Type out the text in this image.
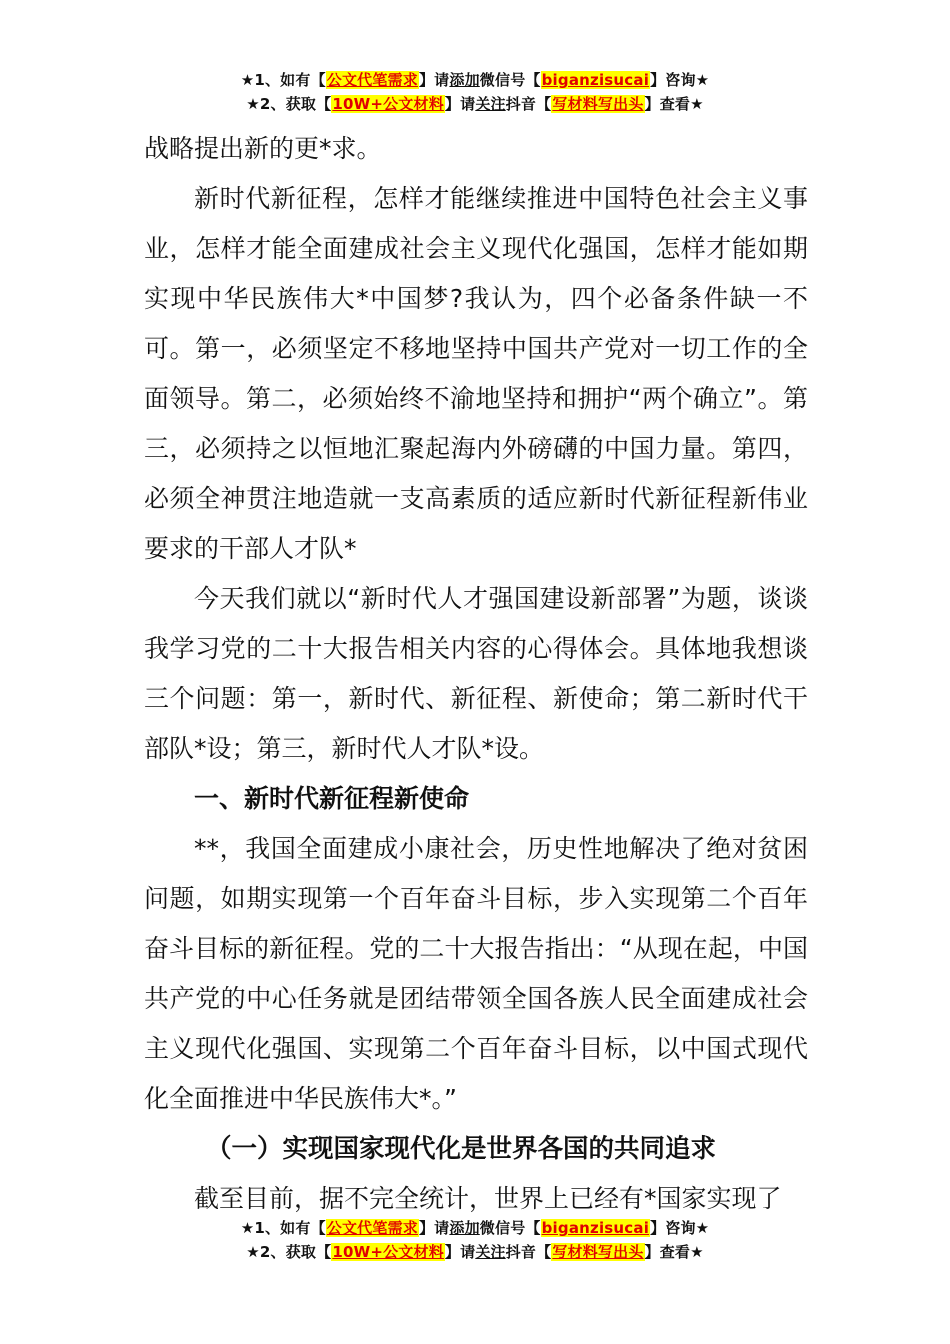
★1、如有【公文代笔需求】请添加微信号【biganzisucai】咨询★
★2、获取【10W+公文材料】请关注抖音【写材料写出头】查看★

战略提出新的更*求。

新时代新征程，怎样才能继续推进中国特色社会主义事业，怎样才能全面建成社会主义现代化强国，怎样才能如期实现中华民族伟大*中国梦?我认为，四个必备条件缺一不可。第一，必须坚定不移地坚持中国共产党对一切工作的全面领导。第二，必须始终不渝地坚持和拥护“两个确立”。第三，必须持之以恒地汇聚起海内外磅礴的中国力量。第四，必须全神贯注地造就一支高素质的适应新时代新征程新伟业要求的干部人才队*

今天我们就以“新时代人才强国建设新部署”为题，谈谈我学习党的二十大报告相关内容的心得体会。具体地我想谈三个问题：第一，新时代、新征程、新使命；第二新时代干部队*设；第三，新时代人才队*设。

一、新时代新征程新使命

**，我国全面建成小康社会，历史性地解决了绝对贫困问题，如期实现第一个百年奋斗目标，步入实现第二个百年奋斗目标的新征程。党的二十大报告指出：“从现在起，中国共产党的中心任务就是团结带领全国各族人民全面建成社会主义现代化强国、实现第二个百年奋斗目标，以中国式现代化全面推进中华民族伟大*。”

（一）实现国家现代化是世界各国的共同追求

截至目前，据不完全统计，世界上已经有*国家实现了

★1、如有【公文代笔需求】请添加微信号【biganzisucai】咨询★
★2、获取【10W+公文材料】请关注抖音【写材料写出头】查看★
